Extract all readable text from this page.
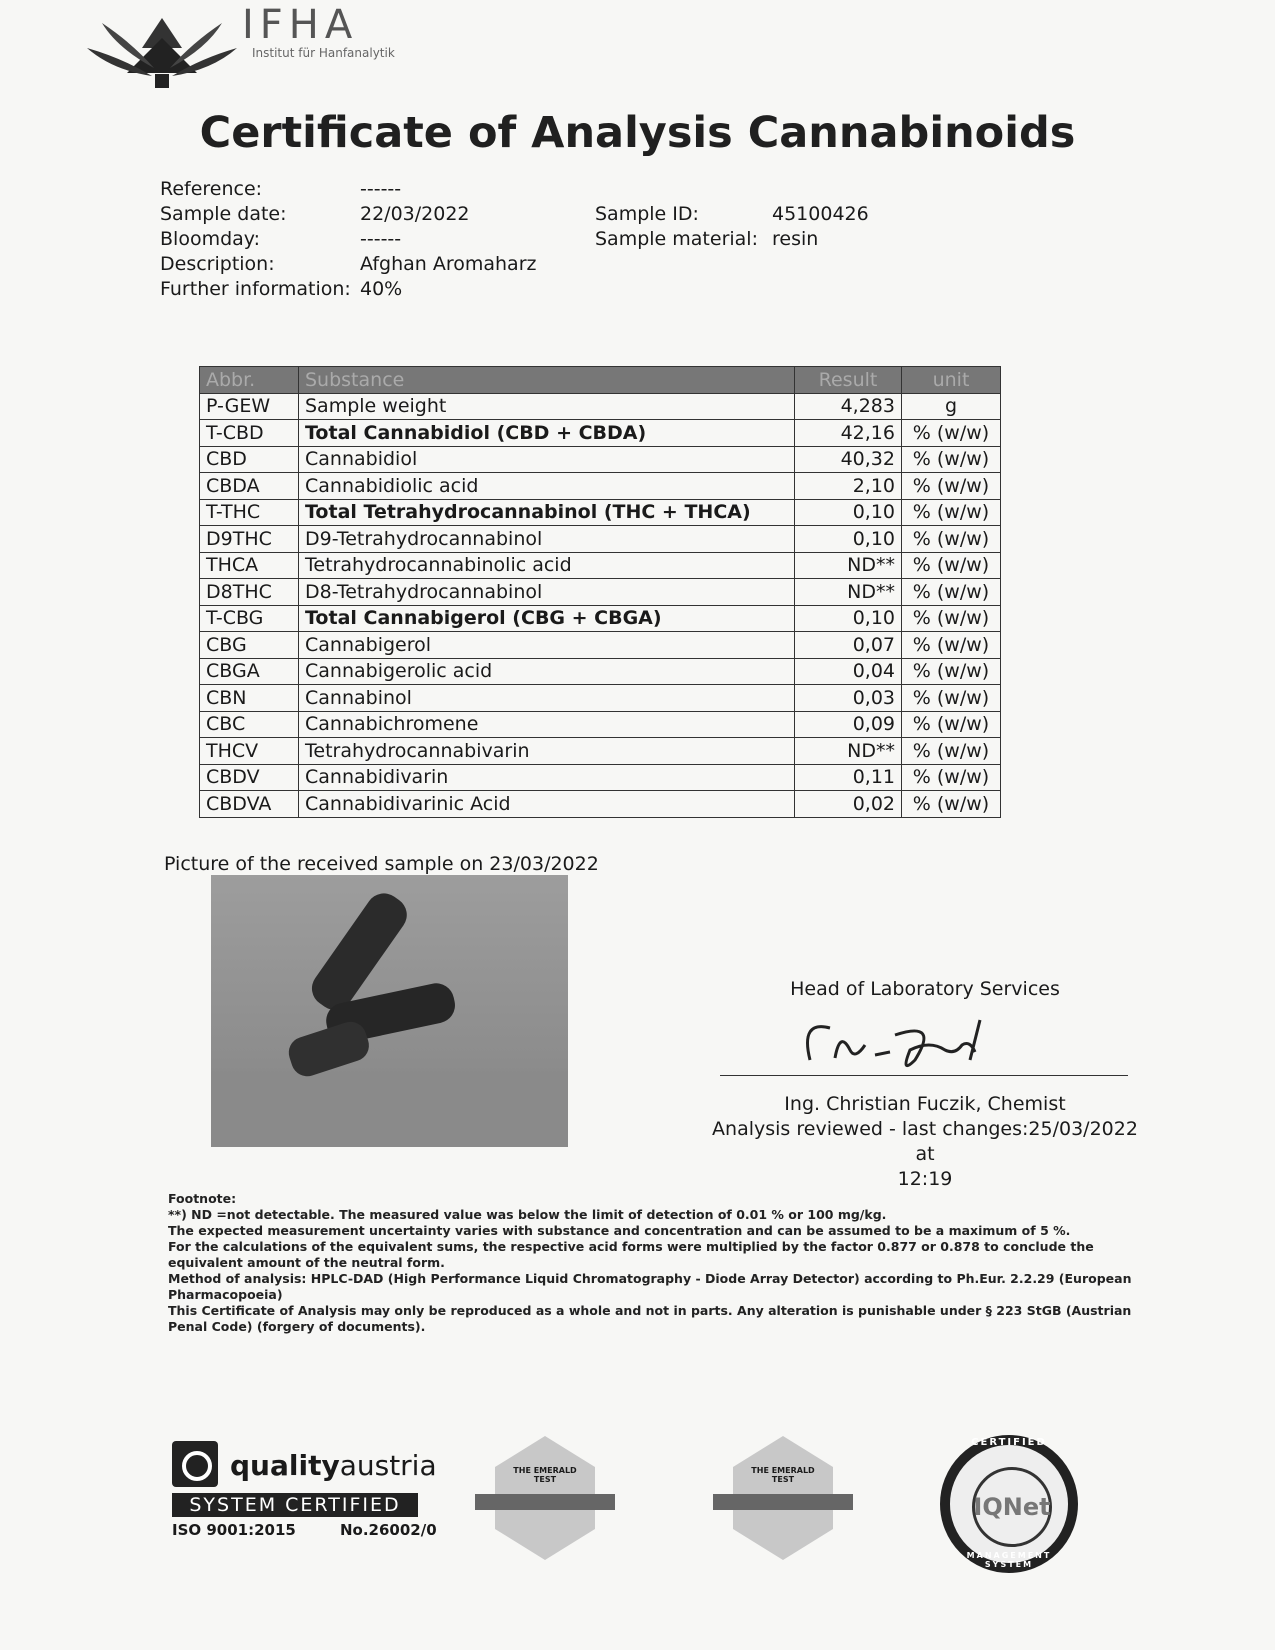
IFHA
Institut für Hanfanalytik
Certificate of Analysis Cannabinoids
Reference:	------
Sample date:	22/03/2022
Bloomday:	------
Description:	Afghan Aromaharz
Further information: 40%
Sample ID:	45100426
Sample material: resin
Abbr.	Substance	Result	unit
P-GEW	Sample weight	4,283	g
T-CBD	Total Cannabidiol (CBD + CBDA)	42,16	% (w/w)
CBD	Cannabidiol	40,32	% (w/w)
CBDA	Cannabidiolic acid	2,10	% (w/w)
T-THC	Total Tetrahydrocannabinol (THC + THCA)	0,10	% (w/w)
D9THC	D9-Tetrahydrocannabinol	0,10	% (w/w)
THCA	Tetrahydrocannabinolic acid	ND**	% (w/w)
D8THC	D8-Tetrahydrocannabinol	ND**	% (w/w)
T-CBG	Total Cannabigerol (CBG + CBGA)	0,10	% (w/w)
CBG	Cannabigerol	0,07	% (w/w)
CBGA	Cannabigerolic acid	0,04	% (w/w)
CBN	Cannabinol	0,03	% (w/w)
CBC	Cannabichromene	0,09	% (w/w)
THCV	Tetrahydrocannabivarin	ND**	% (w/w)
CBDV	Cannabidivarin	0,11	% (w/w)
CBDVA	Cannabidivarinic Acid	0,02	% (w/w)
Picture of the received sample on 23/03/2022
Head of Laboratory Services
Ing. Christian Fuczik, Chemist
Analysis reviewed - last changes:25/03/2022 at
12:19

Footnote:

**) ND =not detectable. The measured value was below the limit of detection of 0.01 % or 100 mg/kg.

The expected measurement uncertainty varies with substance and concentration and can be assumed to be a maximum of 5 %.

For the calculations of the equivalent sums, the respective acid forms were multiplied by the factor 0.877 or 0.878 to conclude the equivalent amount of the neutral form.

Method of analysis: HPLC-DAD (High Performance Liquid Chromatography - Diode Array Detector) according to Ph.Eur. 2.2.29 (European Pharmacopoeia)

This Certificate of Analysis may only be reproduced as a whole and not in parts. Any alteration is punishable under § 223 StGB (Austrian Penal Code) (forgery of documents).

qualityaustria
SYSTEM CERTIFIED
ISO 9001:2015	No.26002/0
THE EMERALD TEST
THE EMERALD TEST
CERTIFIED
IQNet
MANAGEMENT SYSTEM
